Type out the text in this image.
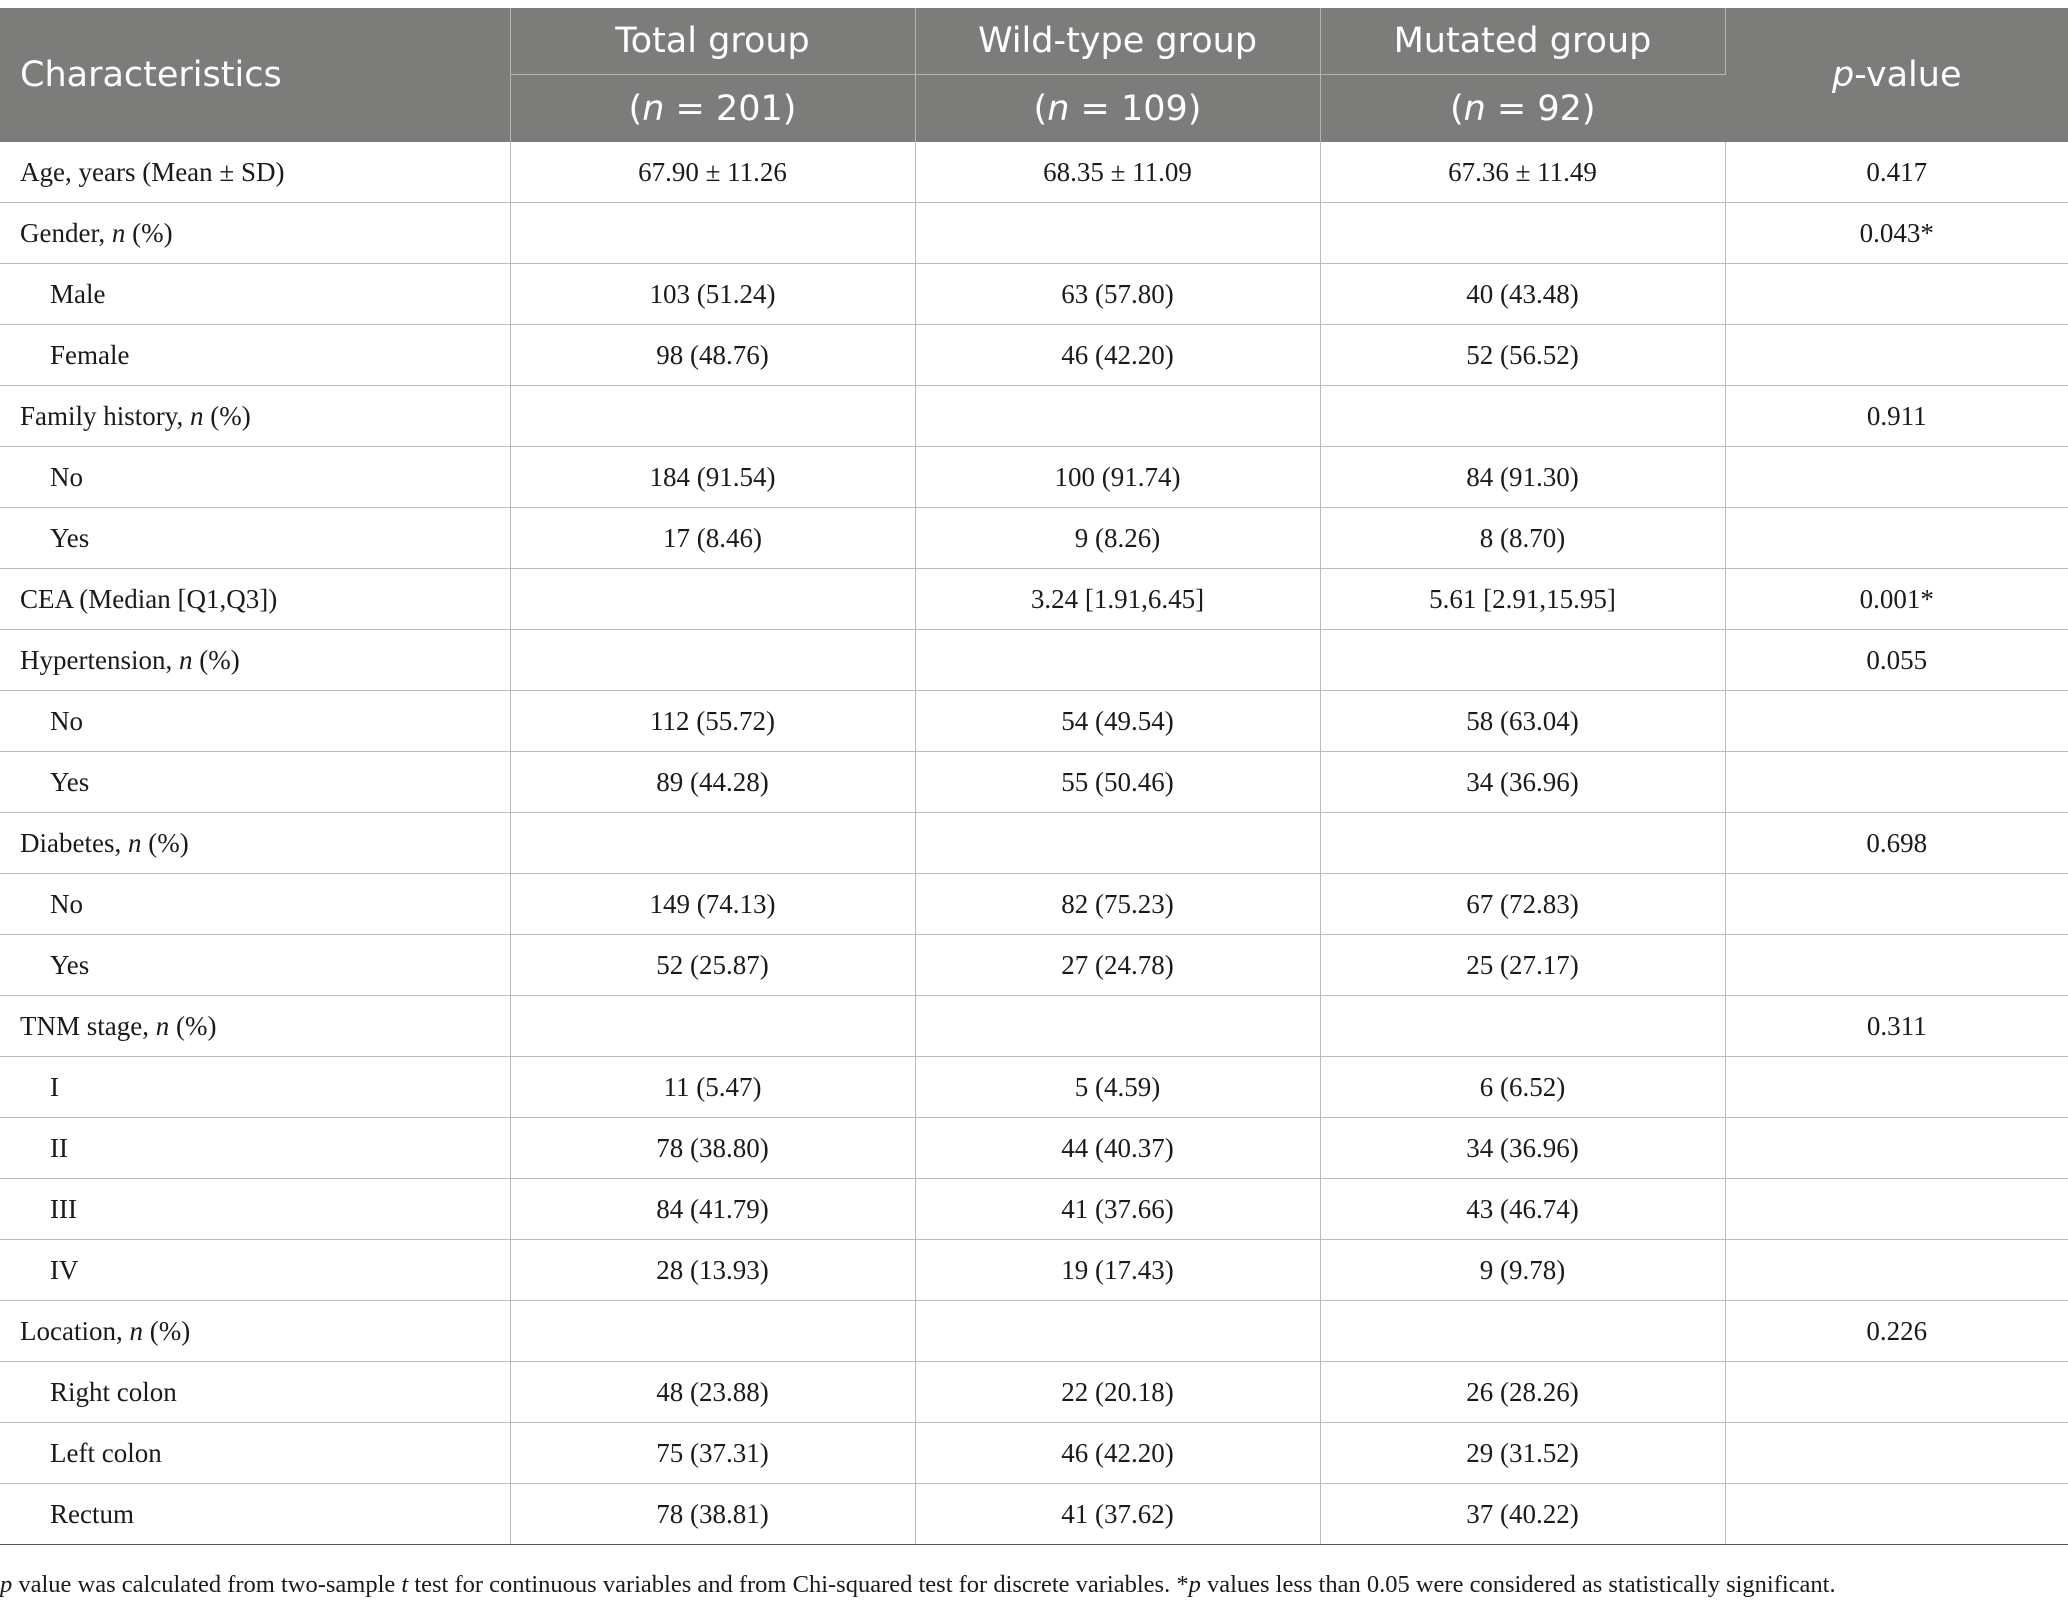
Characteristics	Total group	Wild-type group	Mutated group	p-value
	(n = 201)	(n = 109)	(n = 92)	
Age, years (Mean ± SD)	67.90 ± 11.26	68.35 ± 11.09	67.36 ± 11.49	0.417
Gender, n (%)				0.043*
Male	103 (51.24)	63 (57.80)	40 (43.48)	
Female	98 (48.76)	46 (42.20)	52 (56.52)	
Family history, n (%)				0.911
No	184 (91.54)	100 (91.74)	84 (91.30)	
Yes	17 (8.46)	9 (8.26)	8 (8.70)	
CEA (Median [Q1,Q3])		3.24 [1.91,6.45]	5.61 [2.91,15.95]	0.001*
Hypertension, n (%)				0.055
No	112 (55.72)	54 (49.54)	58 (63.04)	
Yes	89 (44.28)	55 (50.46)	34 (36.96)	
Diabetes, n (%)				0.698
No	149 (74.13)	82 (75.23)	67 (72.83)	
Yes	52 (25.87)	27 (24.78)	25 (27.17)	
TNM stage, n (%)				0.311
I	11 (5.47)	5 (4.59)	6 (6.52)	
II	78 (38.80)	44 (40.37)	34 (36.96)	
III	84 (41.79)	41 (37.66)	43 (46.74)	
IV	28 (13.93)	19 (17.43)	9 (9.78)	
Location, n (%)				0.226
Right colon	48 (23.88)	22 (20.18)	26 (28.26)	
Left colon	75 (37.31)	46 (42.20)	29 (31.52)	
Rectum	78 (38.81)	41 (37.62)	37 (40.22)	
p value was calculated from two-sample t test for continuous variables and from Chi-squared test for discrete variables. *p values less than 0.05 were considered as statistically significant.
